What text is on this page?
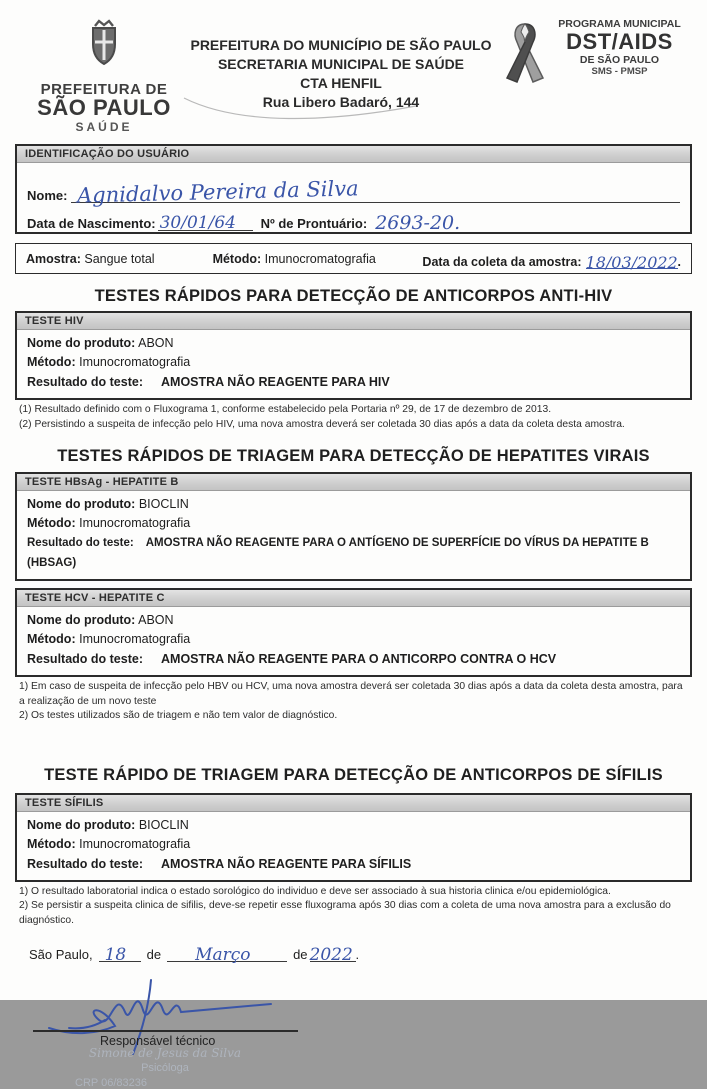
PREFEITURA DE
SÃO PAULO
SAÚDE
PREFEITURA DO MUNICÍPIO DE SÃO PAULO
SECRETARIA MUNICIPAL DE SAÚDE
CTA HENFIL
Rua Libero Badaró, 144
PROGRAMA MUNICIPAL
DST/AIDS
DE SÃO PAULO
SMS - PMSP
IDENTIFICAÇÃO DO USUÁRIO
Nome: Agnidalvo Pereira da Silva
Data de Nascimento: 30/01/64 Nº de Prontuário: 2693-20.
Amostra: Sangue total	Método: Imunocromatografia	Data da coleta da amostra: 18/03/2022 .
TESTES RÁPIDOS PARA DETECÇÃO DE ANTICORPOS ANTI-HIV
TESTE HIV
Nome do produto: ABON
Método: Imunocromatografia
Resultado do teste: AMOSTRA NÃO REAGENTE PARA HIV
(1) Resultado definido com o Fluxograma 1, conforme estabelecido pela Portaria nº 29, de 17 de dezembro de 2013.
(2) Persistindo a suspeita de infecção pelo HIV, uma nova amostra deverá ser coletada 30 dias após a data da coleta desta amostra.
TESTES RÁPIDOS DE TRIAGEM PARA DETECÇÃO DE HEPATITES VIRAIS
TESTE HBsAg - HEPATITE B
Nome do produto: BIOCLIN
Método: Imunocromatografia
Resultado do teste: AMOSTRA NÃO REAGENTE PARA O ANTÍGENO DE SUPERFÍCIE DO VÍRUS DA HEPATITE B (HBSAG)
TESTE HCV - HEPATITE C
Nome do produto: ABON
Método: Imunocromatografia
Resultado do teste: AMOSTRA NÃO REAGENTE PARA O ANTICORPO CONTRA O HCV
1) Em caso de suspeita de infecção pelo HBV ou HCV, uma nova amostra deverá ser coletada 30 dias após a data da coleta desta amostra, para a realização de um novo teste
2) Os testes utilizados são de triagem e não tem valor de diagnóstico.
TESTE RÁPIDO DE TRIAGEM PARA DETECÇÃO DE ANTICORPOS DE SÍFILIS
TESTE SÍFILIS
Nome do produto: BIOCLIN
Método: Imunocromatografia
Resultado do teste: AMOSTRA NÃO REAGENTE PARA SÍFILIS
1) O resultado laboratorial indica o estado sorológico do individuo e deve ser associado à sua historia clinica e/ou epidemiológica.
2) Se persistir a suspeita clinica de sifilis, deve-se repetir esse fluxograma após 30 dias com a coleta de uma nova amostra para a exclusão do diagnóstico.
São Paulo, 18 de Março	de 2022 .
Responsável técnico
Simone de Jesus da Silva
Psicóloga
CRP 06/83236
